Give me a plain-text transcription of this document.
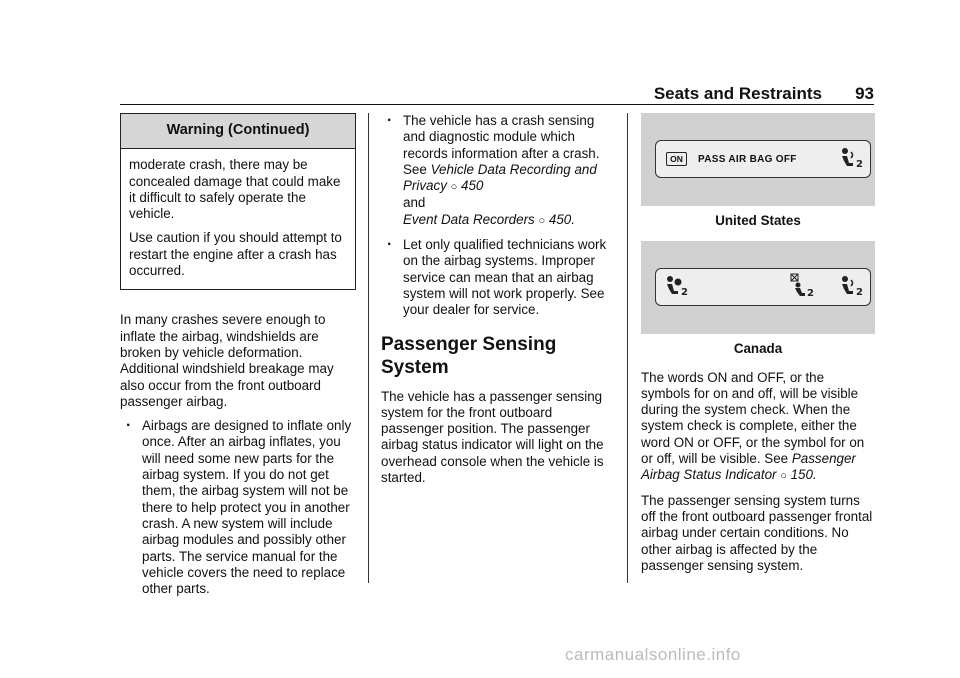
Seats and Restraints 93
Warning (Continued)

moderate crash, there may be concealed damage that could make it difficult to safely operate the vehicle.

Use caution if you should attempt to restart the engine after a crash has occurred.

In many crashes severe enough to inflate the airbag, windshields are broken by vehicle deformation. Additional windshield breakage may also occur from the front outboard passenger airbag.

. Airbags are designed to inflate only once. After an airbag inflates, you will need some new parts for the airbag system. If you do not get them, the airbag system will not be there to help protect you in another crash. A new system will include airbag modules and possibly other parts. The service manual for the vehicle covers the need to replace other parts.
. The vehicle has a crash sensing and diagnostic module which records information after a crash. See Vehicle Data Recording and Privacy ○ 450
and
Event Data Recorders ○ 450.
. Let only qualified technicians work on the airbag systems. Improper service can mean that an airbag system will not work properly. See your dealer for service.
Passenger Sensing System

The vehicle has a passenger sensing system for the front outboard passenger position. The passenger airbag status indicator will light on the overhead console when the vehicle is started.

ON	PASS AIR BAG OFF	2
United States
2	2	2
Canada

The words ON and OFF, or the symbols for on and off, will be visible during the system check. When the system check is complete, either the word ON or OFF, or the symbol for on or off, will be visible. See Passenger Airbag Status Indicator ○ 150.

The passenger sensing system turns off the front outboard passenger frontal airbag under certain conditions. No other airbag is affected by the passenger sensing system.

carmanualsonline.info
